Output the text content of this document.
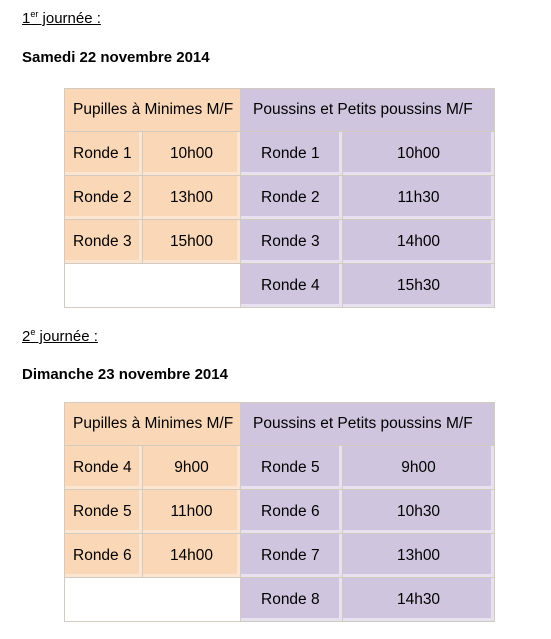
1er journée :
Samedi 22 novembre 2014
Pupilles à Minimes M/F		Poussins et Petits poussins M/F	
Ronde 1	10h00	Ronde 1	10h00
Ronde 2	13h00	Ronde 2	11h30
Ronde 3	15h00	Ronde 3	14h00
		Ronde 4	15h30
2e journée :
Dimanche 23 novembre 2014
Pupilles à Minimes M/F		Poussins et Petits poussins M/F	
Ronde 4	9h00	Ronde 5	9h00
Ronde 5	11h00	Ronde 6	10h30
Ronde 6	14h00	Ronde 7	13h00
		Ronde 8	14h30
